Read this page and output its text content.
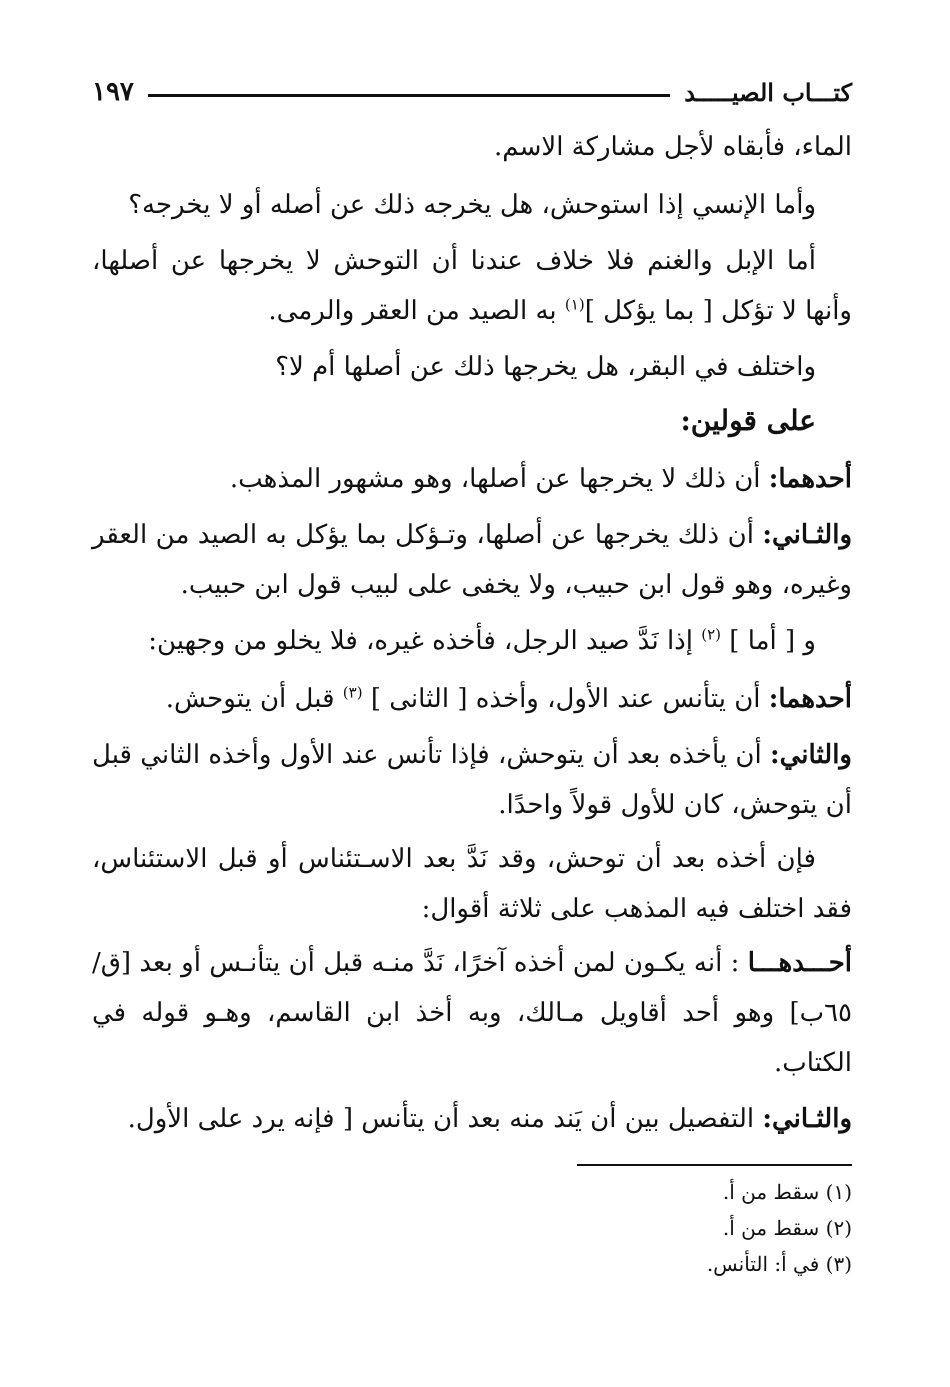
كتـــاب الصيـــــد
١٩٧

الماء، فأبقاه لأجل مشاركة الاسم.

وأما الإنسي إذا استوحش، هل يخرجه ذلك عن أصله أو لا يخرجه؟

أما الإبل والغنم فلا خلاف عندنا أن التوحش لا يخرجها عن أصلها، وأنها لا تؤكل [ بما يؤكل ]$^{(١)}$ به الصيد من العقر والرمى.

واختلف في البقر، هل يخرجها ذلك عن أصلها أم لا؟

على قولين:

أحدهما: أن ذلك لا يخرجها عن أصلها، وهو مشهور المذهب.

والثـاني: أن ذلك يخرجها عن أصلها، وتـؤكل بما يؤكل به الصيد من العقر وغيره، وهو قول ابن حبيب، ولا يخفى على لبيب قول ابن حبيب.

و [ أما ] $^{(٢)}$ إذا نَدَّ صيد الرجل، فأخذه غيره، فلا يخلو من وجهين:

أحدهما: أن يتأنس عند الأول، وأخذه [ الثانى ] $^{(٣)}$ قبل أن يتوحش.

والثاني: أن يأخذه بعد أن يتوحش، فإذا تأنس عند الأول وأخذه الثاني قبل أن يتوحش، كان للأول قولاً واحدًا.

فإن أخذه بعد أن توحش، وقد نَدَّ بعد الاسـتئناس أو قبل الاستئناس، فقد اختلف فيه المذهب على ثلاثة أقوال:

أحـــدهـــا : أنه يكـون لمن أخذه آخرًا، نَدَّ منـه قبل أن يتأنـس أو بعد [ق/ ٦٥ب] وهو أحد أقاويل مـالك، وبه أخذ ابن القاسم، وهـو قوله في الكتاب.

والثـاني: التفصيل بين أن يَند منه بعد أن يتأنس [ فإنه يرد على الأول.

(١) سقط من أ.
(٢) سقط من أ.
(٣) في أ: التأنس.
